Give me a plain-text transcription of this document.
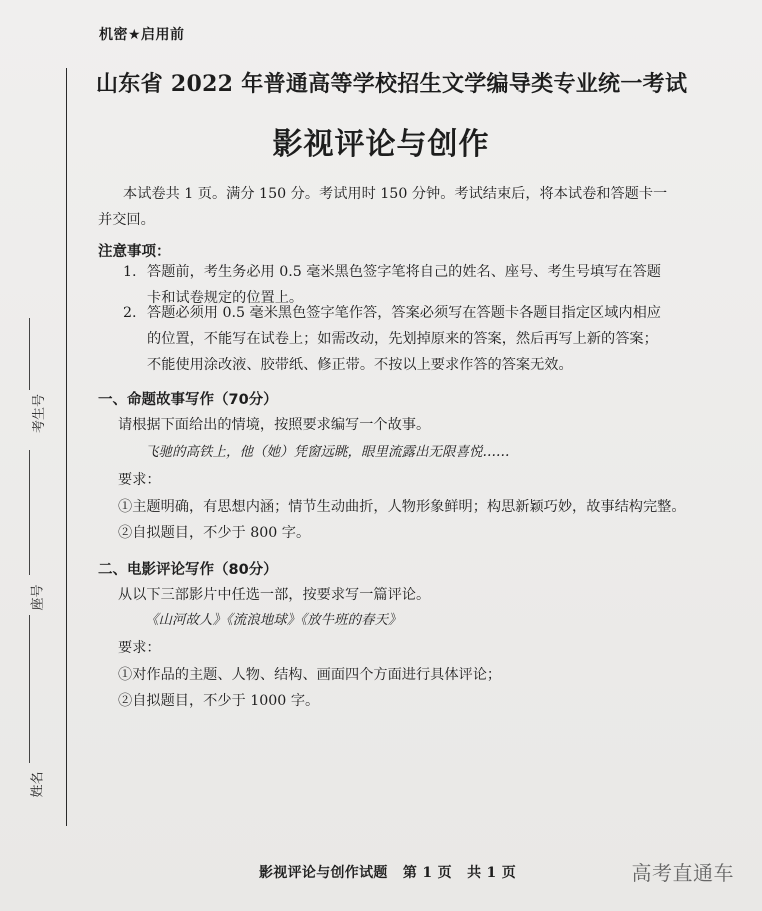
考生号
座号
姓名
机密★启用前
山东省 2022 年普通高等学校招生文学编导类专业统一考试
影视评论与创作
本试卷共 1 页。满分 150 分。考试用时 150 分钟。考试结束后，将本试卷和答题卡一并交回。
注意事项：
1. 答题前，考生务必用 0.5 毫米黑色签字笔将自己的姓名、座号、考生号填写在答题卡和试卷规定的位置上。
2. 答题必须用 0.5 毫米黑色签字笔作答，答案必须写在答题卡各题目指定区域内相应的位置，不能写在试卷上；如需改动，先划掉原来的答案，然后再写上新的答案；不能使用涂改液、胶带纸、修正带。不按以上要求作答的答案无效。
一、命题故事写作（70分）
请根据下面给出的情境，按照要求编写一个故事。
飞驰的高铁上，他（她）凭窗远眺，眼里流露出无限喜悦……
要求：
①主题明确，有思想内涵；情节生动曲折，人物形象鲜明；构思新颖巧妙，故事结构完整。
②自拟题目，不少于 800 字。
二、电影评论写作（80分）
从以下三部影片中任选一部，按要求写一篇评论。
《山河故人》《流浪地球》《放牛班的春天》
要求：
①对作品的主题、人物、结构、画面四个方面进行具体评论；
②自拟题目，不少于 1000 字。
影视评论与创作试题 第 1 页 共 1 页	高考直通车
